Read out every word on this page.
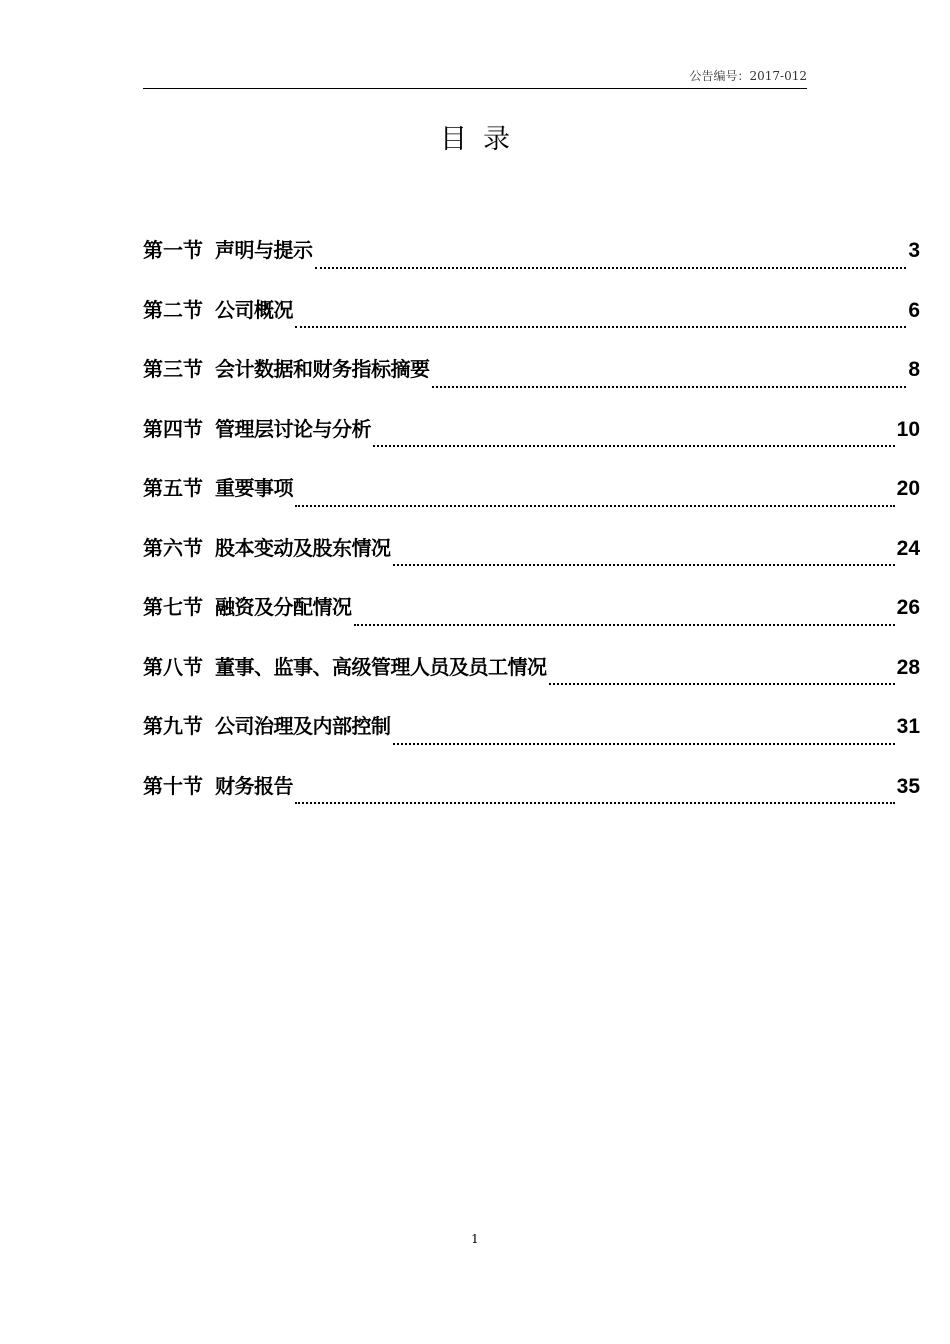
公告编号：2017-012
目录
第一节 声明与提示	3
第二节 公司概况	6
第三节 会计数据和财务指标摘要	8
第四节 管理层讨论与分析	10
第五节 重要事项	20
第六节 股本变动及股东情况	24
第七节 融资及分配情况	26
第八节 董事、监事、高级管理人员及员工情况	28
第九节 公司治理及内部控制	31
第十节 财务报告	35
1
